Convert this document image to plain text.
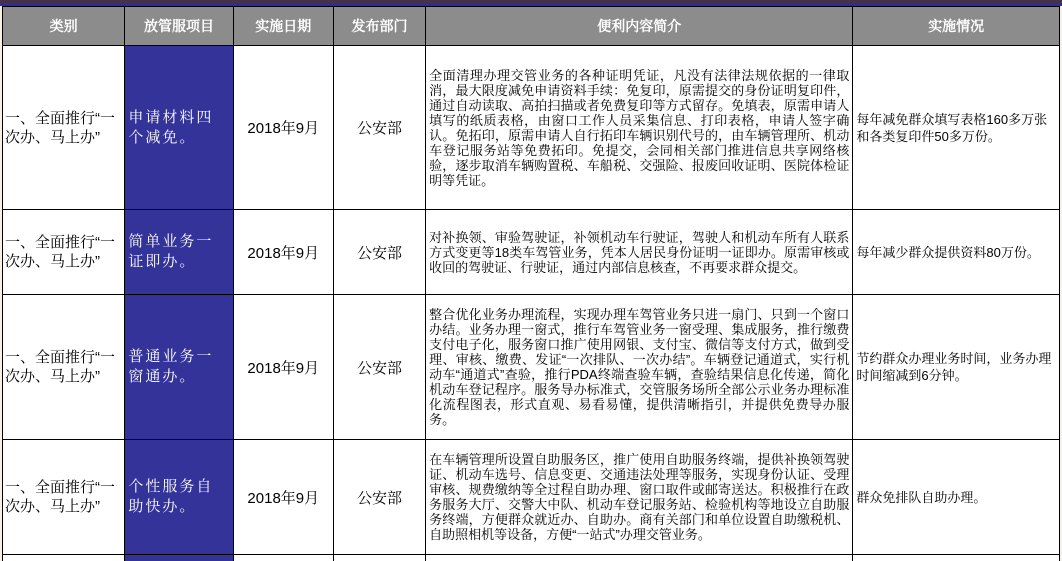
类别	放管服项目	实施日期	发布部门	便利内容简介	实施情况
一、全面推行“一次办、马上办”	申请材料四个减免。	2018年9月	公安部	全面清理办理交管业务的各种证明凭证，凡没有法律法规依据的一律取消，最大限度减免申请资料手续：免复印，原需提交的身份证明复印件，通过自动读取、高拍扫描或者免费复印等方式留存。免填表，原需申请人填写的纸质表格，由窗口工作人员采集信息、打印表格，申请人签字确认。免拓印，原需申请人自行拓印车辆识别代号的，由车辆管理所、机动车登记服务站等免费拓印。免提交，会同相关部门推进信息共享网络核验，逐步取消车辆购置税、车船税、交强险、报废回收证明、医院体检证明等凭证。	每年减免群众填写表格160多万张和各类复印件50多万份。
一、全面推行“一次办、马上办”	简单业务一证即办。	2018年9月	公安部	对补换领、审验驾驶证，补领机动车行驶证，驾驶人和机动车所有人联系方式变更等18类车驾管业务，凭本人居民身份证明一证即办。原需审核或收回的驾驶证、行驶证，通过内部信息核查，不再要求群众提交。	每年减少群众提供资料80万份。
一、全面推行“一次办、马上办”	普通业务一窗通办。	2018年9月	公安部	整合优化业务办理流程，实现办理车驾管业务只进一扇门、只到一个窗口办结。业务办理一窗式，推行车驾管业务一窗受理、集成服务，推行缴费支付电子化，服务窗口推广使用网银、支付宝、微信等支付方式，做到受理、审核、缴费、发证“一次排队、一次办结”。车辆登记通道式，实行机动车“通道式”查验，推行PDA终端查验车辆，查验结果信息化传递，简化机动车登记程序。服务导办标准式，交管服务场所全部公示业务办理标准化流程图表，形式直观、易看易懂，提供清晰指引，并提供免费导办服务。	节约群众办理业务时间，业务办理时间缩减到6分钟。
一、全面推行“一次办、马上办”	个性服务自助快办。	2018年9月	公安部	在车辆管理所设置自助服务区，推广使用自助服务终端，提供补换领驾驶证、机动车选号、信息变更、交通违法处理等服务，实现身份认证、受理审核、规费缴纳等全过程自助办理、窗口取件或邮寄送达。积极推行在政务服务大厅、交警大中队、机动车登记服务站、检验机构等地设立自助服务终端，方便群众就近办、自助办。商有关部门和单位设置自助缴税机、自助照相机等设备，方便“一站式”办理交管业务。	群众免排队自助办理。
